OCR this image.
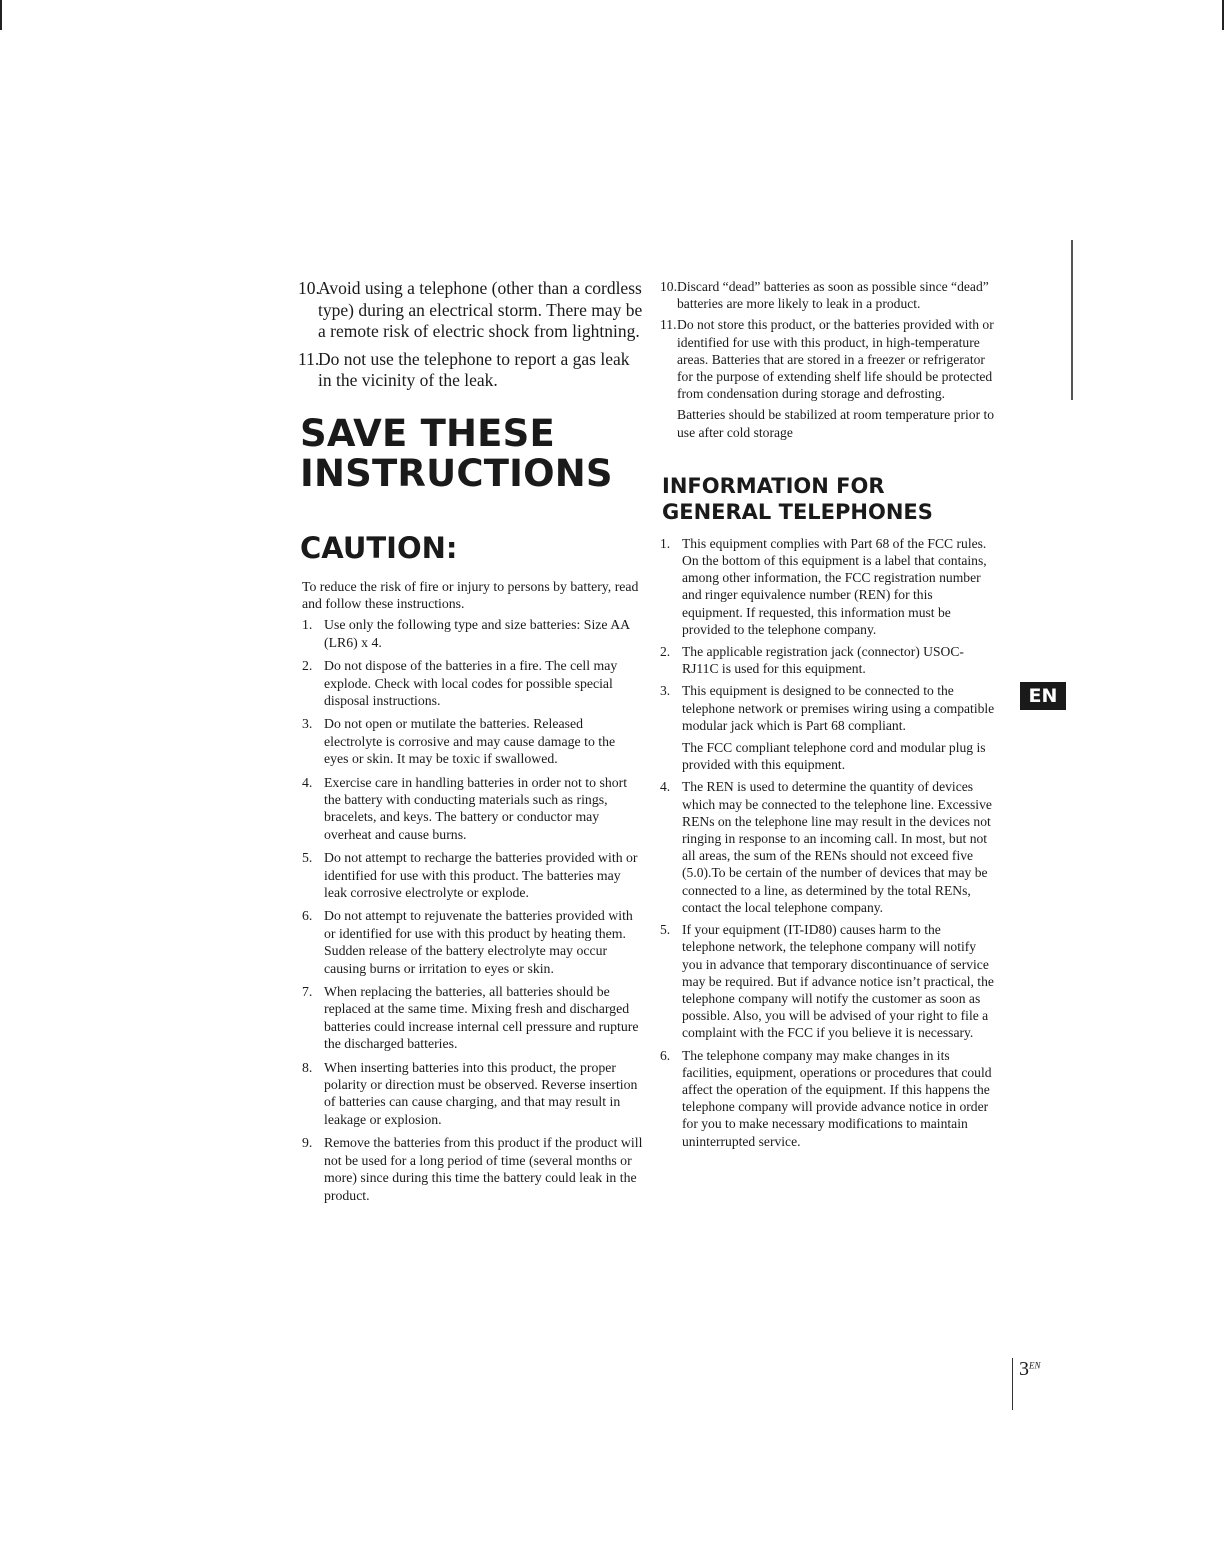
10.
Avoid using a telephone (other than a cordless type) during an electrical storm. There may be a remote risk of electric shock from lightning.
11.
Do not use the telephone to report a gas leak in the vicinity of the leak.
SAVE THESE
INSTRUCTIONS
CAUTION:

To reduce the risk of fire or injury to persons by battery, read and follow these instructions.

1. Use only the following type and size batteries: Size AA (LR6) x 4.
2. Do not dispose of the batteries in a fire. The cell may explode. Check with local codes for possible special disposal instructions.
3. Do not open or mutilate the batteries. Released electrolyte is corrosive and may cause damage to the eyes or skin. It may be toxic if swallowed.
4. Exercise care in handling batteries in order not to short the battery with conducting materials such as rings, bracelets, and keys. The battery or conductor may overheat and cause burns.
5. Do not attempt to recharge the batteries provided with or identified for use with this product. The batteries may leak corrosive electrolyte or explode.
6. Do not attempt to rejuvenate the batteries provided with or identified for use with this product by heating them. Sudden release of the battery electrolyte may occur causing burns or irritation to eyes or skin.
7. When replacing the batteries, all batteries should be replaced at the same time. Mixing fresh and discharged batteries could increase internal cell pressure and rupture the discharged batteries.
8. When inserting batteries into this product, the proper polarity or direction must be observed. Reverse insertion of batteries can cause charging, and that may result in leakage or explosion.
9. Remove the batteries from this product if the product will not be used for a long period of time (several months or more) since during this time the battery could leak in the product.
10. Discard “dead” batteries as soon as possible since “dead” batteries are more likely to leak in a product.
11. Do not store this product, or the batteries provided with or identified for use with this product, in high-temperature areas. Batteries that are stored in a freezer or refrigerator for the purpose of extending shelf life should be protected from condensation during storage and defrosting.

Batteries should be stabilized at room temperature prior to use after cold storage

INFORMATION FOR
GENERAL TELEPHONES
1. This equipment complies with Part 68 of the FCC rules. On the bottom of this equipment is a label that contains, among other information, the FCC registration number and ringer equivalence number (REN) for this equipment. If requested, this information must be provided to the telephone company.
2. The applicable registration jack (connector) USOC-RJ11C is used for this equipment.
3. This equipment is designed to be connected to the telephone network or premises wiring using a compatible modular jack which is Part 68 compliant.
The FCC compliant telephone cord and modular plug is provided with this equipment.
4. The REN is used to determine the quantity of devices which may be connected to the telephone line. Excessive RENs on the telephone line may result in the devices not ringing in response to an incoming call. In most, but not all areas, the sum of the RENs should not exceed five (5.0).To be certain of the number of devices that may be connected to a line, as determined by the total RENs, contact the local telephone company.
5. If your equipment (IT-ID80) causes harm to the telephone network, the telephone company will notify you in advance that temporary discontinuance of service may be required. But if advance notice isn’t practical, the telephone company will notify the customer as soon as possible. Also, you will be advised of your right to file a complaint with the FCC if you believe it is necessary.
6. The telephone company may make changes in its facilities, equipment, operations or procedures that could affect the operation of the equipment. If this happens the telephone company will provide advance notice in order for you to make necessary modifications to maintain uninterrupted service.
EN
$3^{EN}$
